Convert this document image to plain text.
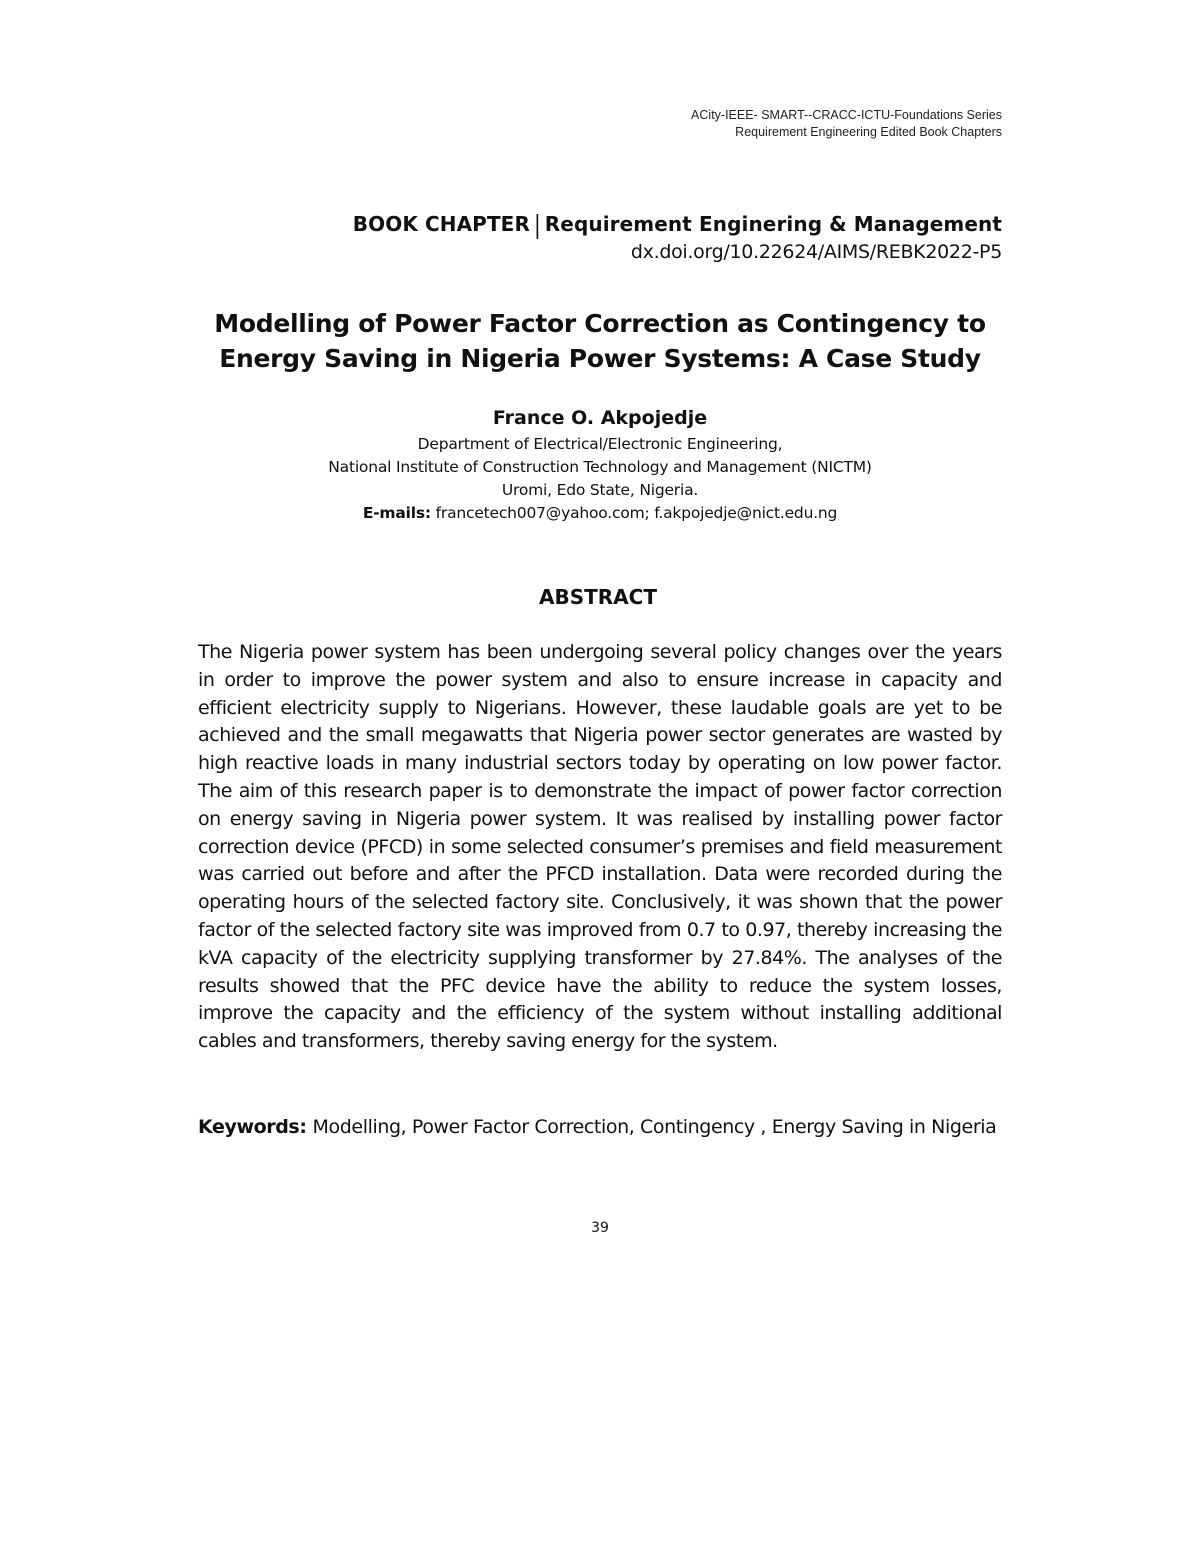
ACity-IEEE- SMART--CRACC-ICTU-Foundations Series
Requirement Engineering Edited Book Chapters
BOOK CHAPTER | Requirement Enginering & Management
dx.doi.org/10.22624/AIMS/REBK2022-P5
Modelling of Power Factor Correction as Contingency to
Energy Saving in Nigeria Power Systems: A Case Study
France O. Akpojedje
Department of Electrical/Electronic Engineering,
National Institute of Construction Technology and Management (NICTM)
Uromi, Edo State, Nigeria.
E-mails: francetech007@yahoo.com; f.akpojedje@nict.edu.ng
ABSTRACT

The Nigeria power system has been undergoing several policy changes over the years in order to improve the power system and also to ensure increase in capacity and efficient electricity supply to Nigerians. However, these laudable goals are yet to be achieved and the small megawatts that Nigeria power sector generates are wasted by high reactive loads in many industrial sectors today by operating on low power factor. The aim of this research paper is to demonstrate the impact of power factor correction on energy saving in Nigeria power system. It was realised by installing power factor correction device (PFCD) in some selected consumer’s premises and field measurement was carried out before and after the PFCD installation. Data were recorded during the operating hours of the selected factory site. Conclusively, it was shown that the power factor of the selected factory site was improved from 0.7 to 0.97, thereby increasing the kVA capacity of the electricity supplying transformer by 27.84%. The analyses of the results showed that the PFC device have the ability to reduce the system losses, improve the capacity and the efficiency of the system without installing additional cables and transformers, thereby saving energy for the system.

Keywords: Modelling, Power Factor Correction, Contingency , Energy Saving in Nigeria
39
